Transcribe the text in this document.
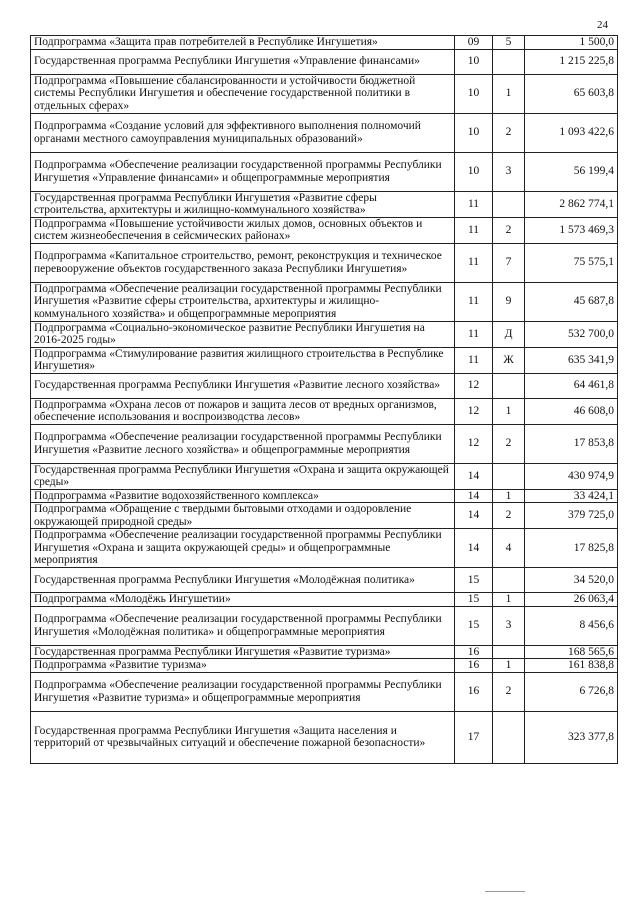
24
Подпрограмма «Защита прав потребителей в Республике Ингушетия»	09	5	1 500,0
Государственная программа Республики Ингушетия «Управление финансами»	10		1 215 225,8
Подпрограмма «Повышение сбалансированности и устойчивости бюджетной системы Республики Ингушетия и обеспечение государственной политики в отдельных сферах»	10	1	65 603,8
Подпрограмма «Создание условий для эффективного выполнения полномочий органами местного самоуправления муниципальных образований»	10	2	1 093 422,6
Подпрограмма «Обеспечение реализации государственной программы Республики Ингушетия «Управление финансами» и общепрограммные мероприятия	10	3	56 199,4
Государственная программа Республики Ингушетия «Развитие сферы строительства, архитектуры и жилищно-коммунального хозяйства»	11		2 862 774,1
Подпрограмма «Повышение устойчивости жилых домов, основных объектов и систем жизнеобеспечения в сейсмических районах»	11	2	1 573 469,3
Подпрограмма «Капитальное строительство, ремонт, реконструкция и техническое перевооружение объектов государственного заказа Республики Ингушетия»	11	7	75 575,1
Подпрограмма «Обеспечение реализации государственной программы Республики Ингушетия «Развитие сферы строительства, архитектуры и жилищно-коммунального хозяйства» и общепрограммные мероприятия	11	9	45 687,8
Подпрограмма «Социально-экономическое развитие Республики Ингушетия на 2016-2025 годы»	11	Д	532 700,0
Подпрограмма «Стимулирование развития жилищного строительства в Республике Ингушетия»	11	Ж	635 341,9
Государственная программа Республики Ингушетия «Развитие лесного хозяйства»	12		64 461,8
Подпрограмма «Охрана лесов от пожаров и защита лесов от вредных организмов, обеспечение использования и воспроизводства лесов»	12	1	46 608,0
Подпрограмма «Обеспечение реализации государственной программы Республики Ингушетия «Развитие лесного хозяйства» и общепрограммные мероприятия	12	2	17 853,8
Государственная программа Республики Ингушетия «Охрана и защита окружающей среды»	14		430 974,9
Подпрограмма «Развитие водохозяйственного комплекса»	14	1	33 424,1
Подпрограмма «Обращение с твердыми бытовыми отходами и оздоровление окружающей природной среды»	14	2	379 725,0
Подпрограмма «Обеспечение реализации государственной программы Республики Ингушетия «Охрана и защита окружающей среды» и общепрограммные мероприятия	14	4	17 825,8
Государственная программа Республики Ингушетия «Молодёжная политика»	15		34 520,0
Подпрограмма «Молодёжь Ингушетии»	15	1	26 063,4
Подпрограмма «Обеспечение реализации государственной программы Республики Ингушетия «Молодёжная политика» и общепрограммные мероприятия	15	3	8 456,6
Государственная программа Республики Ингушетия «Развитие туризма»	16		168 565,6
Подпрограмма «Развитие туризма»	16	1	161 838,8
Подпрограмма «Обеспечение реализации государственной программы Республики Ингушетия «Развитие туризма» и общепрограммные мероприятия	16	2	6 726,8
Государственная программа Республики Ингушетия «Защита населения и территорий от чрезвычайных ситуаций и обеспечение пожарной безопасности»	17		323 377,8
